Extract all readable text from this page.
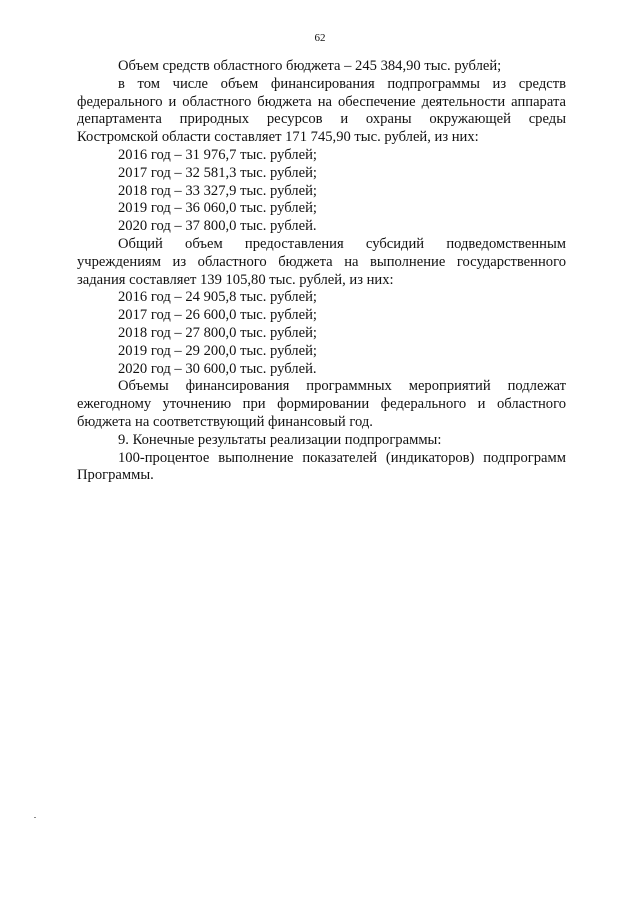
62

Объем средств областного бюджета – 245 384,90 тыс. рублей;

в том числе объем финансирования подпрограммы из средств федерального и областного бюджета на обеспечение деятельности аппарата департамента природных ресурсов и охраны окружающей среды Костромской области составляет 171 745,90 тыс. рублей, из них:

2016 год – 31 976,7 тыс. рублей;

2017 год – 32 581,3 тыс. рублей;

2018 год – 33 327,9 тыс. рублей;

2019 год – 36 060,0 тыс. рублей;

2020 год – 37 800,0 тыс. рублей.

Общий объем предоставления субсидий подведомственным учреждениям из областного бюджета на выполнение государственного задания составляет 139 105,80 тыс. рублей, из них:

2016 год – 24 905,8 тыс. рублей;

2017 год – 26 600,0 тыс. рублей;

2018 год – 27 800,0 тыс. рублей;

2019 год – 29 200,0 тыс. рублей;

2020 год – 30 600,0 тыс. рублей.

Объемы финансирования программных мероприятий подлежат ежегодному уточнению при формировании федерального и областного бюджета на соответствующий финансовый год.

9. Конечные результаты реализации подпрограммы:

100-процентое выполнение показателей (индикаторов) подпрограмм Программы.
